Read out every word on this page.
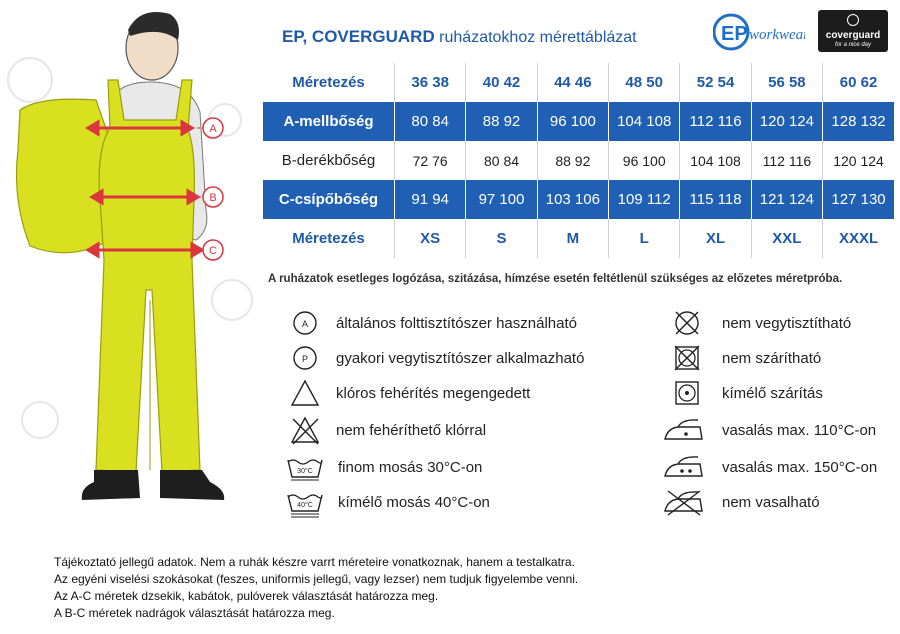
A
B
C
EP, COVERGUARD ruházatokhoz mérettáblázat	EP workwear	coverguard
for a nice day
Méretezés	36 38	40 42	44 46	48 50	52 54	56 58	60 62
A-mellbőség	80 84	88 92	96 100	104 108	112 116	120 124	128 132
B-derékbőség	72 76	80 84	88 92	96 100	104 108	112 116	120 124
C-csípőbőség	91 94	97 100	103 106	109 112	115 118	121 124	127 130
Méretezés	XS	S	M	L	XL	XXL	XXXL
A ruházatok esetleges logózása, szitázása, hímzése esetén feltétlenül szükséges az előzetes méretpróba.
A általános folttisztítószer használható
P gyakori vegytisztítószer alkalmazható
klóros fehérítés megengedett
nem fehéríthető klórral
30°C finom mosás 30°C-on
40°C kímélő mosás 40°C-on
nem vegytisztítható
nem szárítható
kímélő szárítás
vasalás max. 110°C-on
vasalás max. 150°C-on
nem vasalható
Tájékoztató jellegű adatok. Nem a ruhák készre varrt méreteire vonatkoznak, hanem a testalkatra.
Az egyéni viselési szokásokat (feszes, uniformis jellegű, vagy lezser) nem tudjuk figyelembe venni.
Az A-C méretek dzsekik, kabátok, pulóverek választását határozza meg.
A B-C méretek nadrágok választását határozza meg.
